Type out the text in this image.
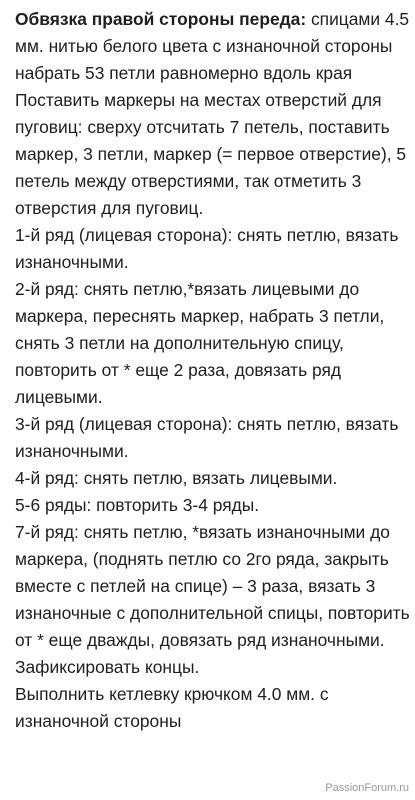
Обвязка правой стороны переда: спицами 4.5 мм. нитью белого цвета с изнаночной стороны набрать 53 петли равномерно вдоль края

Поставить маркеры на местах отверстий для пуговиц: сверху отсчитать 7 петель, поставить маркер, 3 петли, маркер (= первое отверстие), 5 петель между отверстиями, так отметить 3 отверстия для пуговиц.

1-й ряд (лицевая сторона): снять петлю, вязать изнаночными.

2-й ряд: снять петлю,*вязать лицевыми до маркера, переснять маркер, набрать 3 петли, снять 3 петли на дополнительную спицу, повторить от * еще 2 раза, довязать ряд лицевыми.

3-й ряд (лицевая сторона): снять петлю, вязать изнаночными.

4-й ряд: снять петлю, вязать лицевыми.

5-6 ряды: повторить 3-4 ряды.

7-й ряд: снять петлю, *вязать изнаночными до маркера, (поднять петлю со 2го ряда, закрыть вместе с петлей на спице) – 3 раза, вязать 3 изнаночные с дополнительной спицы, повторить от * еще дважды, довязать ряд изнаночными.

Зафиксировать концы.

Выполнить кетлевку крючком 4.0 мм. с изнаночной стороны

PassionForum.ru
